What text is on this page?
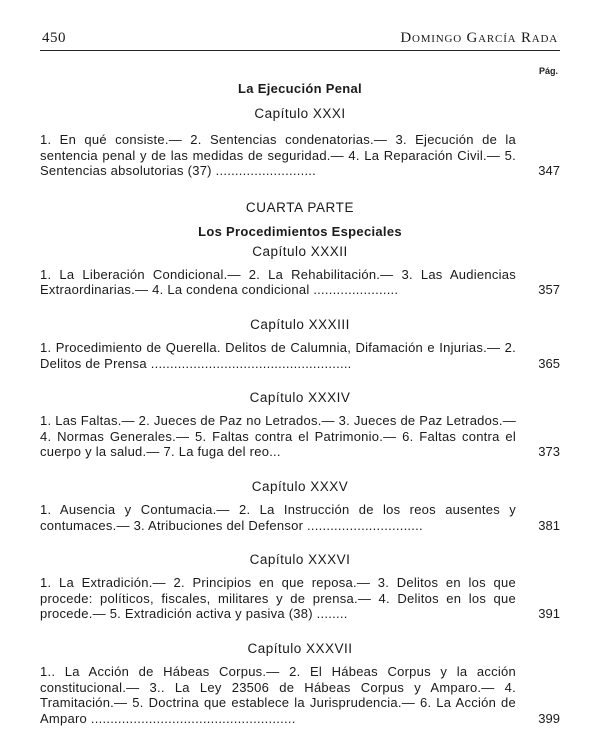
450	Domingo García Rada
Pág.
La Ejecución Penal
Capítulo XXXI
1. En qué consiste.— 2. Sentencias condenatorias.— 3. Ejecución de la sentencia penal y de las medidas de seguridad.— 4. La Reparación Civil.— 5. Sentencias absolutorias (37) ..........................	347
CUARTA PARTE
Los Procedimientos Especiales
Capítulo XXXII
1. La Liberación Condicional.— 2. La Rehabilitación.— 3. Las Audiencias Extraordinarias.— 4. La condena condicional ......................	357
Capítulo XXXIII
1. Procedimiento de Querella. Delitos de Calumnia, Difamación e Injurias.— 2. Delitos de Prensa ....................................................	365
Capítulo XXXIV
1. Las Faltas.— 2. Jueces de Paz no Letrados.— 3. Jueces de Paz Letrados.— 4. Normas Generales.— 5. Faltas contra el Patrimonio.— 6. Faltas contra el cuerpo y la salud.— 7. La fuga del reo...	373
Capítulo XXXV
1. Ausencia y Contumacia.— 2. La Instrucción de los reos ausentes y contumaces.— 3. Atribuciones del Defensor ..............................	381
Capítulo XXXVI
1. La Extradición.— 2. Principios en que reposa.— 3. Delitos en los que procede: políticos, fiscales, militares y de prensa.— 4. Delitos en los que procede.— 5. Extradición activa y pasiva (38) ........	391
Capítulo XXXVII
1.. La Acción de Hábeas Corpus.— 2. El Hábeas Corpus y la acción constitucional.— 3.. La Ley 23506 de Hábeas Corpus y Amparo.— 4. Tramitación.— 5. Doctrina que establece la Jurisprudencia.— 6. La Acción de Amparo .....................................................	399
